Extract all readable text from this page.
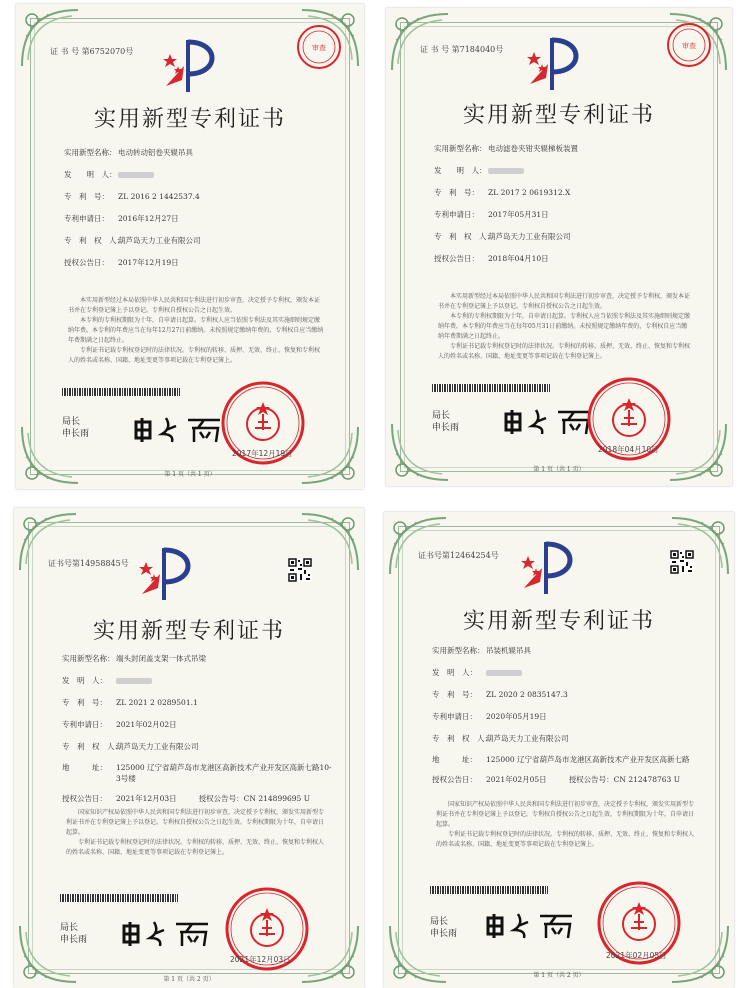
证 书 号 第6752070号	审查
实用新型专利证书
实用新型名称： 电动转动铝卷夹辊吊具
发　　明　人：
专　利　号：	ZL 2016 2 1442537.4
专利申请日：	2016年12月27日
专　利　权　人：
葫芦岛天力工业有限公司
授权公告日：	2017年12月19日

本实用新型经过本局依照中华人民共和国专利法进行初步审查，决定授予专利权，颁发本证书并在专利登记簿上予以登记。专利权自授权公告之日起生效。

本专利的专利权期限为十年，自申请日起算。专利权人应当依照专利法及其实施细则规定缴纳年费。本专利的年费应当在每年12月27日前缴纳。未按照规定缴纳年费的，专利权自应当缴纳年费期满之日起终止。

专利证书记载专利权登记时的法律状况。专利权的转移、质押、无效、终止、恢复和专利权人的姓名或名称、国籍、地址变更等事项记载在专利登记簿上。

局长
申长雨
2017年12月19日
第 1 页（共 1 页）
证 书 号 第7184040号	审查
实用新型专利证书
实用新型名称： 电动滤卷夹钳夹辊梯板装置
发　　明　人：
专　利　号：	ZL 2017 2 0619312.X
专利申请日：	2017年05月31日
专　利　权　人：
葫芦岛天力工业有限公司
授权公告日：	2018年04月10日

本实用新型经过本局依照中华人民共和国专利法进行初步审查，决定授予专利权，颁发本证书并在专利登记簿上予以登记。专利权自授权公告之日起生效。

本专利的专利权期限为十年，自申请日起算。专利权人应当依照专利法及其实施细则规定缴纳年费。本专利的年费应当在每年05月31日前缴纳。未按照规定缴纳年费的，专利权自应当缴纳年费期满之日起终止。

专利证书记载专利权登记时的法律状况。专利权的转移、质押、无效、终止、恢复和专利权人的姓名或名称、国籍、地址变更等事项记载在专利登记簿上。

局长
申长雨
2018年04月10日
第 1 页（共 1 页）
证书号第14958845号
实用新型专利证书
实用新型名称： 端头封闭盖支架一体式吊梁
发　明　人：
专　利　号：	ZL 2021 2 0289501.1
专利申请日：	2021年02月02日
专　利　权　人：
葫芦岛天力工业有限公司
地　　　址：	125000 辽宁省葫芦岛市龙港区高新技术产业开发区高新七路10-3号楼
授权公告日：	2021年12月03日	授权公告号：CN 214899695 U

国家知识产权局依照中华人民共和国专利法进行初步审查，决定授予专利权，颁发实用新型专利证书并在专利登记簿上予以登记。专利权自授权公告之日起生效。专利权期限为十年，自申请日起算。

专利证书记载专利权登记时的法律状况。专利权的转移、质押、无效、终止、恢复和专利权人的姓名或名称、国籍、地址变更等事项记载在专利登记簿上。

局长
申长雨
2021年12月03日
第 1 页（共 2 页）
证书号第12464254号
实用新型专利证书
实用新型名称： 吊装机辊吊具
发　明　人：
专　利　号：	ZL 2020 2 0835147.3
专利申请日：	2020年05月19日
专　利　权　人：
葫芦岛天力工业有限公司
地　　　址：	125000 辽宁省葫芦岛市龙港区高新技术产业开发区高新七路
授权公告日：	2021年02月05日	授权公告号：CN 212478763 U

国家知识产权局依照中华人民共和国专利法进行初步审查，决定授予专利权，颁发实用新型专利证书并在专利登记簿上予以登记。专利权自授权公告之日起生效。专利权期限为十年，自申请日起算。

专利证书记载专利权登记时的法律状况。专利权的转移、质押、无效、终止、恢复和专利权人的姓名或名称、国籍、地址变更等事项记载在专利登记簿上。

局长
申长雨
2021年02月05日
第 1 页（共 2 页）
